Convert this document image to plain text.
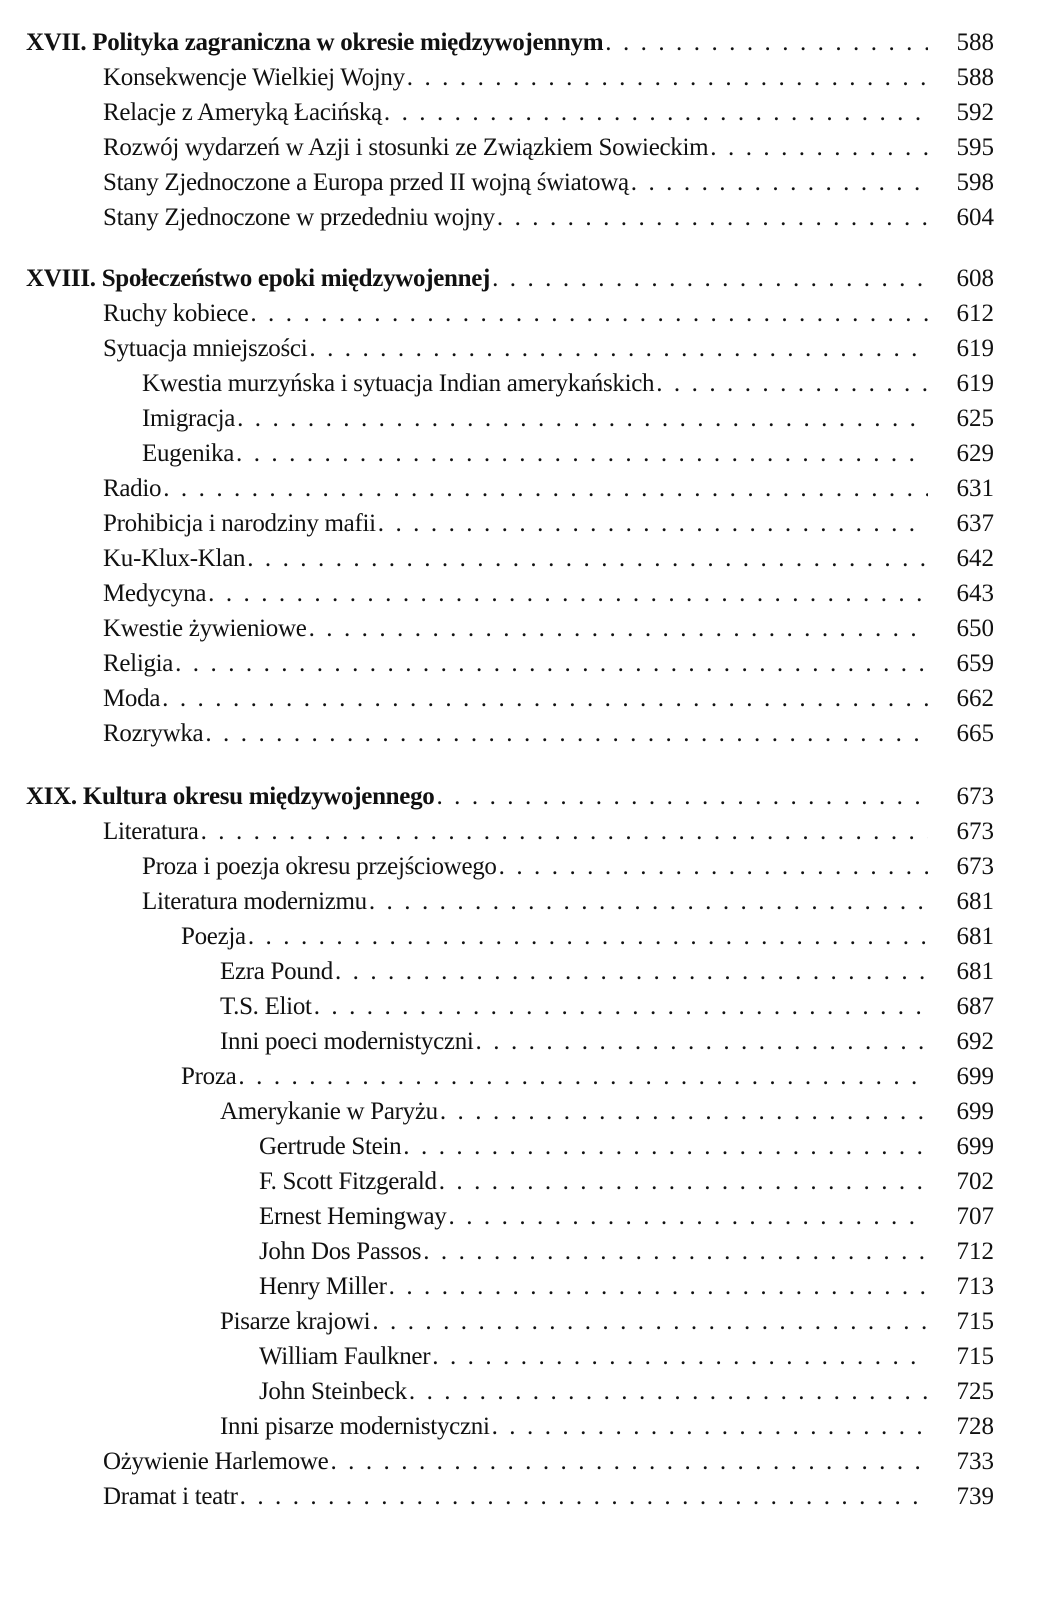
XVII. Polityka zagraniczna w okresie międzywojennym . . .	588
Konsekwencje Wielkiej Wojny . . .	588
Relacje z Ameryką Łacińską . . .	592
Rozwój wydarzeń w Azji i stosunki ze Związkiem Sowieckim . . .	595
Stany Zjednoczone a Europa przed II wojną światową . . .	598
Stany Zjednoczone w przededniu wojny . . .	604
XVIII. Społeczeństwo epoki międzywojennej . . .	608
Ruchy kobiece . . .	612
Sytuacja mniejszości . . .	619
Kwestia murzyńska i sytuacja Indian amerykańskich . . .	619
Imigracja . . .	625
Eugenika . . .	629
Radio . . .	631
Prohibicja i narodziny mafii . . .	637
Ku-Klux-Klan . . .	642
Medycyna . . .	643
Kwestie żywieniowe . . .	650
Religia . . .	659
Moda . . .	662
Rozrywka . . .	665
XIX. Kultura okresu międzywojennego . . .	673
Literatura . . .	673
Proza i poezja okresu przejściowego . . .	673
Literatura modernizmu . . .	681
Poezja . . .	681
Ezra Pound . . .	681
T.S. Eliot . . .	687
Inni poeci modernistyczni . . .	692
Proza . . .	699
Amerykanie w Paryżu . . .	699
Gertrude Stein . . .	699
F. Scott Fitzgerald . . .	702
Ernest Hemingway . . .	707
John Dos Passos . . .	712
Henry Miller . . .	713
Pisarze krajowi . . .	715
William Faulkner . . .	715
John Steinbeck . . .	725
Inni pisarze modernistyczni . . .	728
Ożywienie Harlemowe . . .	733
Dramat i teatr . . .	739
